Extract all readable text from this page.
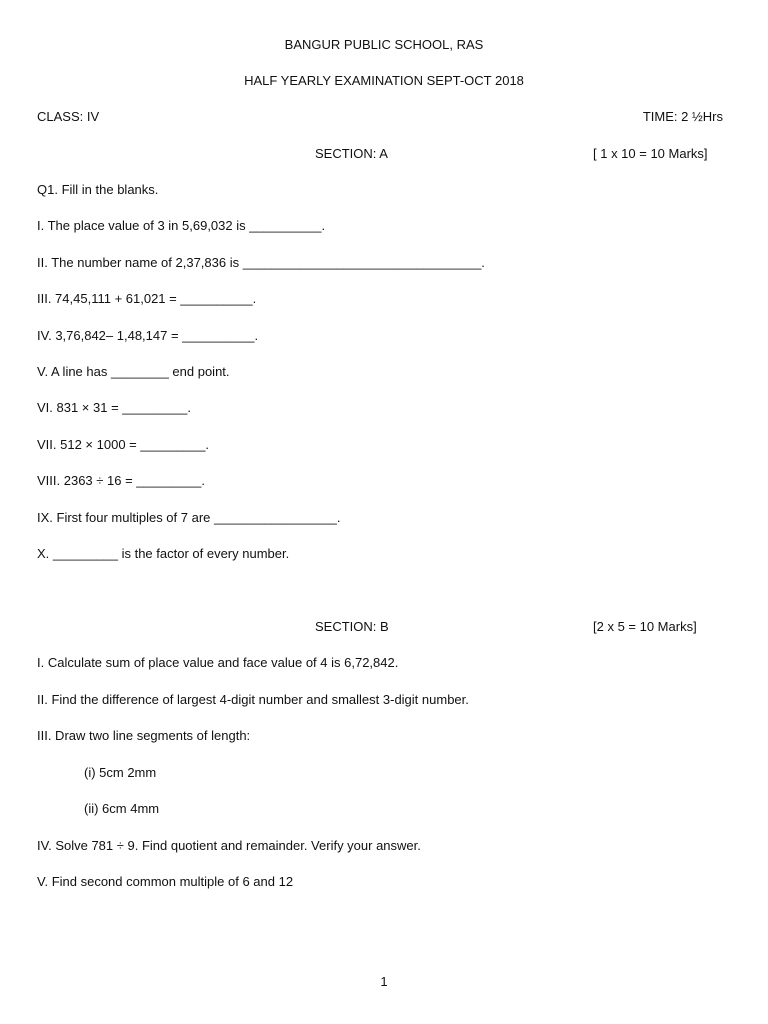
BANGUR PUBLIC SCHOOL, RAS
HALF YEARLY EXAMINATION SEPT-OCT 2018
CLASS: IV	TIME: 2 ½Hrs
SECTION: A	[ 1 x 10 = 10 Marks]
Q1. Fill in the blanks.
I. The place value of 3 in 5,69,032 is __________.
II. The number name of 2,37,836 is _________________________________.
III. 74,45,111 + 61,021 = __________.
IV. 3,76,842– 1,48,147 = __________.
V. A line has ________ end point.
VI. 831 × 31 = _________.
VII. 512 × 1000 = _________.
VIII. 2363 ÷ 16 = _________.
IX. First four multiples of 7 are _________________.
X. _________ is the factor of every number.
SECTION: B	[2 x 5 = 10 Marks]
I. Calculate sum of place value and face value of 4 is 6,72,842.
II. Find the difference of largest 4-digit number and smallest 3-digit number.
III. Draw two line segments of length:
(i) 5cm 2mm
(ii) 6cm 4mm
IV. Solve 781 ÷ 9. Find quotient and remainder. Verify your answer.
V. Find second common multiple of 6 and 12
1
